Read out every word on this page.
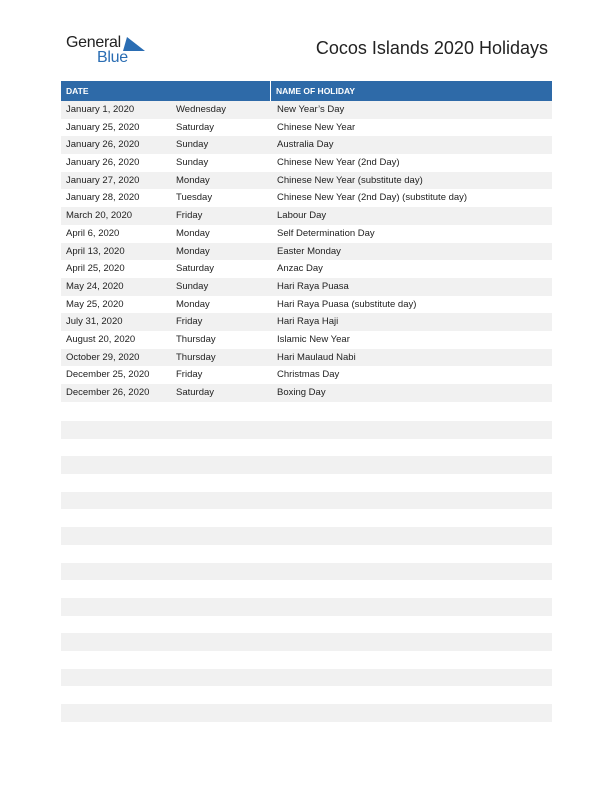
General
Blue	Cocos Islands 2020 Holidays
DATE	NAME OF HOLIDAY
January 1, 2020	Wednesday	New Year’s Day
January 25, 2020	Saturday	Chinese New Year
January 26, 2020	Sunday	Australia Day
January 26, 2020	Sunday	Chinese New Year (2nd Day)
January 27, 2020	Monday	Chinese New Year (substitute day)
January 28, 2020	Tuesday	Chinese New Year (2nd Day) (substitute day)
March 20, 2020	Friday	Labour Day
April 6, 2020	Monday	Self Determination Day
April 13, 2020	Monday	Easter Monday
April 25, 2020	Saturday	Anzac Day
May 24, 2020	Sunday	Hari Raya Puasa
May 25, 2020	Monday	Hari Raya Puasa (substitute day)
July 31, 2020	Friday	Hari Raya Haji
August 20, 2020	Thursday	Islamic New Year
October 29, 2020	Thursday	Hari Maulaud Nabi
December 25, 2020	Friday	Christmas Day
December 26, 2020	Saturday	Boxing Day
